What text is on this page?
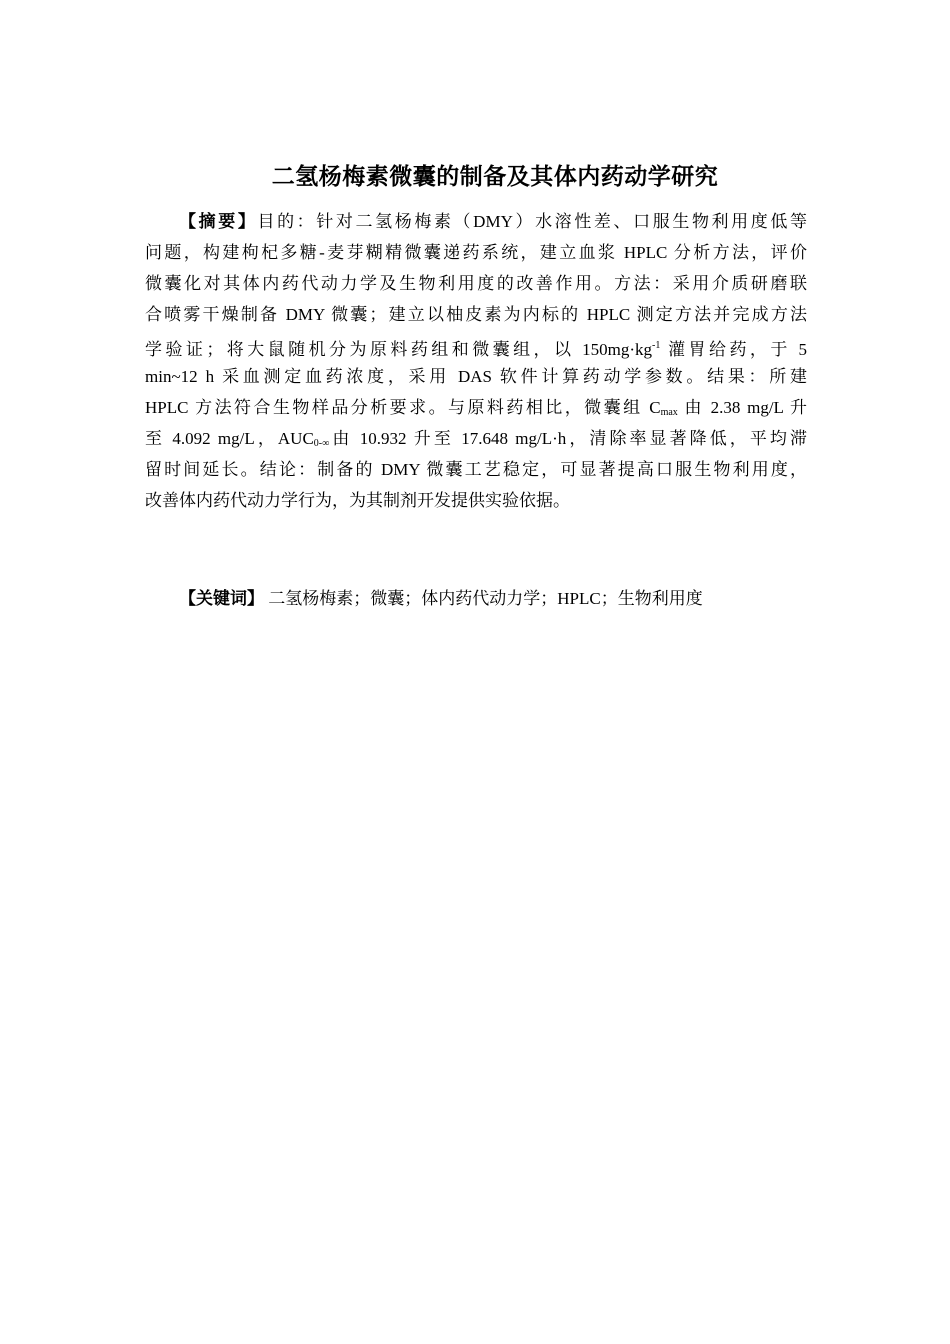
二氢杨梅素微囊的制备及其体内药动学研究
【摘要】目的：针对二氢杨梅素（DMY）水溶性差、口服生物利用度低等
问题，构建枸杞多糖-麦芽糊精微囊递药系统，建立血浆 HPLC 分析方法，评价
微囊化对其体内药代动力学及生物利用度的改善作用。方法：采用介质研磨联
合喷雾干燥制备 DMY 微囊；建立以柚皮素为内标的 HPLC 测定方法并完成方法
学验证；将大鼠随机分为原料药组和微囊组，以 $150mg\cdot kg^{-1}$ 灌胃给药，于 5
min~12 h 采血测定血药浓度，采用 DAS 软件计算药动学参数。结果：所建
HPLC 方法符合生物样品分析要求。与原料药相比，微囊组 $C_{max}$ 由 2.38 mg/L 升
至 4.092 mg/L，$AUC_{0-\infty}$由 10.932 升至 17.648 mg/L·h，清除率显著降低，平均滞
留时间延长。结论：制备的 DMY 微囊工艺稳定，可显著提高口服生物利用度，
改善体内药代动力学行为，为其制剂开发提供实验依据。
【关键词】 二氢杨梅素；微囊；体内药代动力学；HPLC；生物利用度
